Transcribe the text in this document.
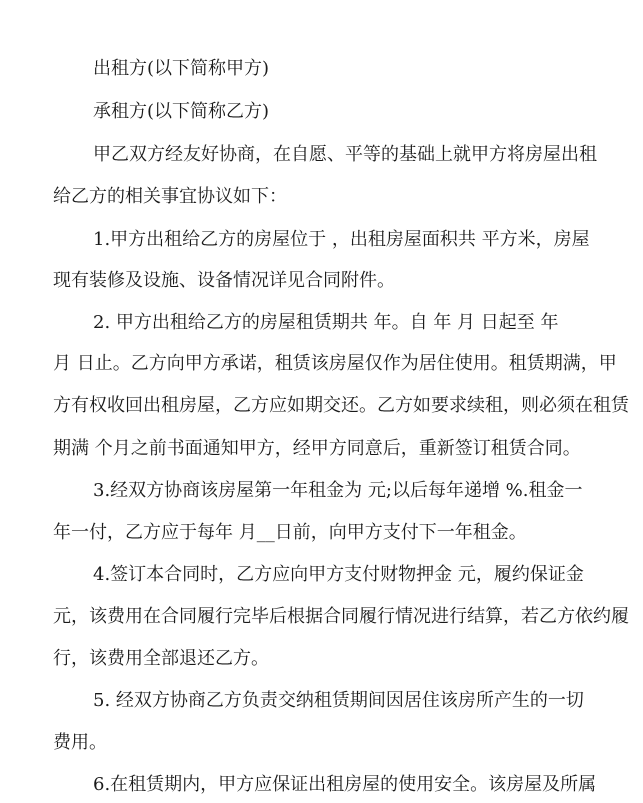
出租方(以下简称甲方)
承租方(以下简称乙方)
甲乙双方经友好协商，在自愿、平等的基础上就甲方将房屋出租
给乙方的相关事宜协议如下：
1.甲方出租给乙方的房屋位于 ，出租房屋面积共 平方米，房屋
现有装修及设施、设备情况详见合同附件。
2. 甲方出租给乙方的房屋租赁期共 年。自 年 月 日起至 年
月 日止。乙方向甲方承诺，租赁该房屋仅作为居住使用。租赁期满，甲
方有权收回出租房屋，乙方应如期交还。乙方如要求续租，则必须在租赁
期满 个月之前书面通知甲方，经甲方同意后，重新签订租赁合同。
3.经双方协商该房屋第一年租金为 元;以后每年递增 %.租金一
年一付，乙方应于每年 月__日前，向甲方支付下一年租金。
4.签订本合同时，乙方应向甲方支付财物押金 元，履约保证金
元，该费用在合同履行完毕后根据合同履行情况进行结算，若乙方依约履
行，该费用全部退还乙方。
5. 经双方协商乙方负责交纳租赁期间因居住该房所产生的一切
费用。
6.在租赁期内，甲方应保证出租房屋的使用安全。该房屋及所属
